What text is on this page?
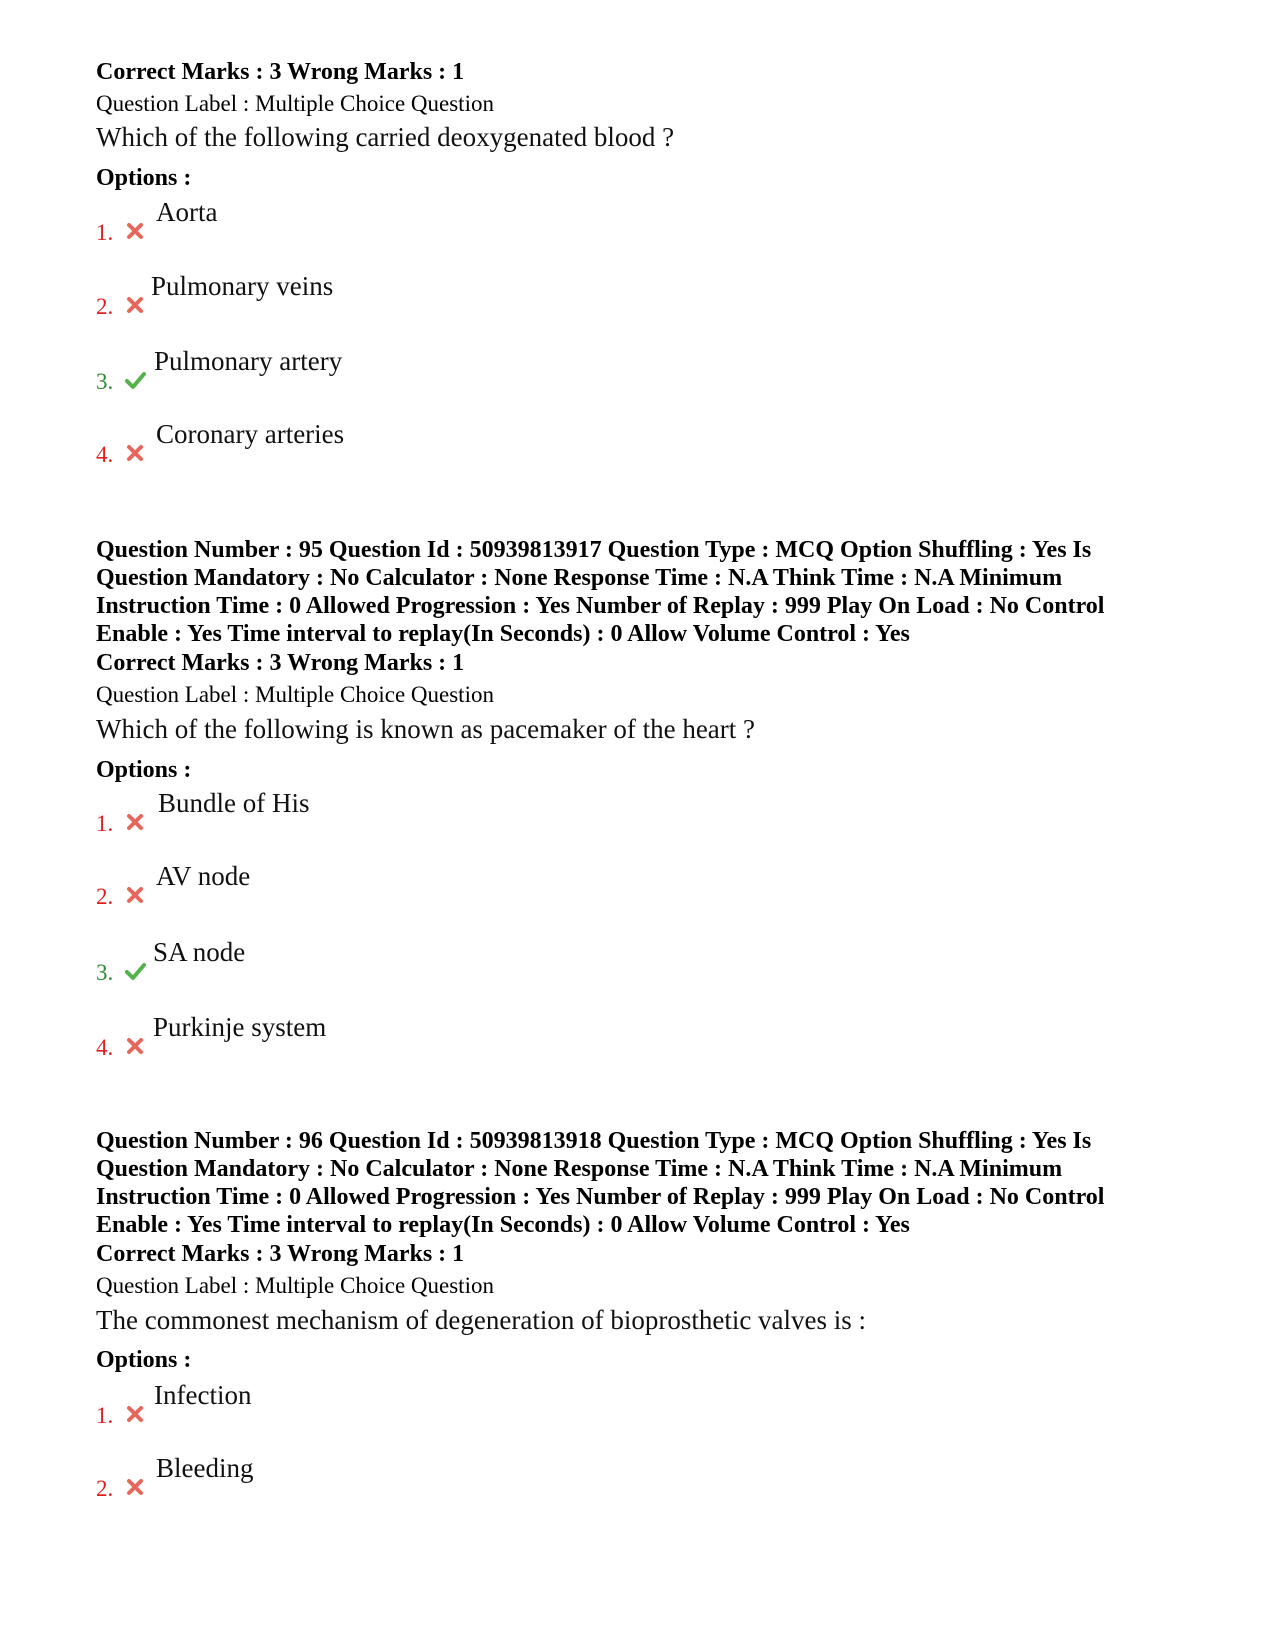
Correct Marks : 3 Wrong Marks : 1
Question Label : Multiple Choice Question
Which of the following carried deoxygenated blood ?
Options :
1.
Aorta
2.
Pulmonary veins
3.
Pulmonary artery
4.
Coronary arteries
Question Number : 95 Question Id : 50939813917 Question Type : MCQ Option Shuffling : Yes Is Question Mandatory : No Calculator : None Response Time : N.A Think Time : N.A Minimum Instruction Time : 0 Allowed Progression : Yes Number of Replay : 999 Play On Load : No Control Enable : Yes Time interval to replay(In Seconds) : 0 Allow Volume Control : Yes
Correct Marks : 3 Wrong Marks : 1
Question Label : Multiple Choice Question
Which of the following is known as pacemaker of the heart ?
Options :
1.
Bundle of His
2.
AV node
3.
SA node
4.
Purkinje system
Question Number : 96 Question Id : 50939813918 Question Type : MCQ Option Shuffling : Yes Is Question Mandatory : No Calculator : None Response Time : N.A Think Time : N.A Minimum Instruction Time : 0 Allowed Progression : Yes Number of Replay : 999 Play On Load : No Control Enable : Yes Time interval to replay(In Seconds) : 0 Allow Volume Control : Yes
Correct Marks : 3 Wrong Marks : 1
Question Label : Multiple Choice Question
The commonest mechanism of degeneration of bioprosthetic valves is :
Options :
1.
Infection
2.
Bleeding
